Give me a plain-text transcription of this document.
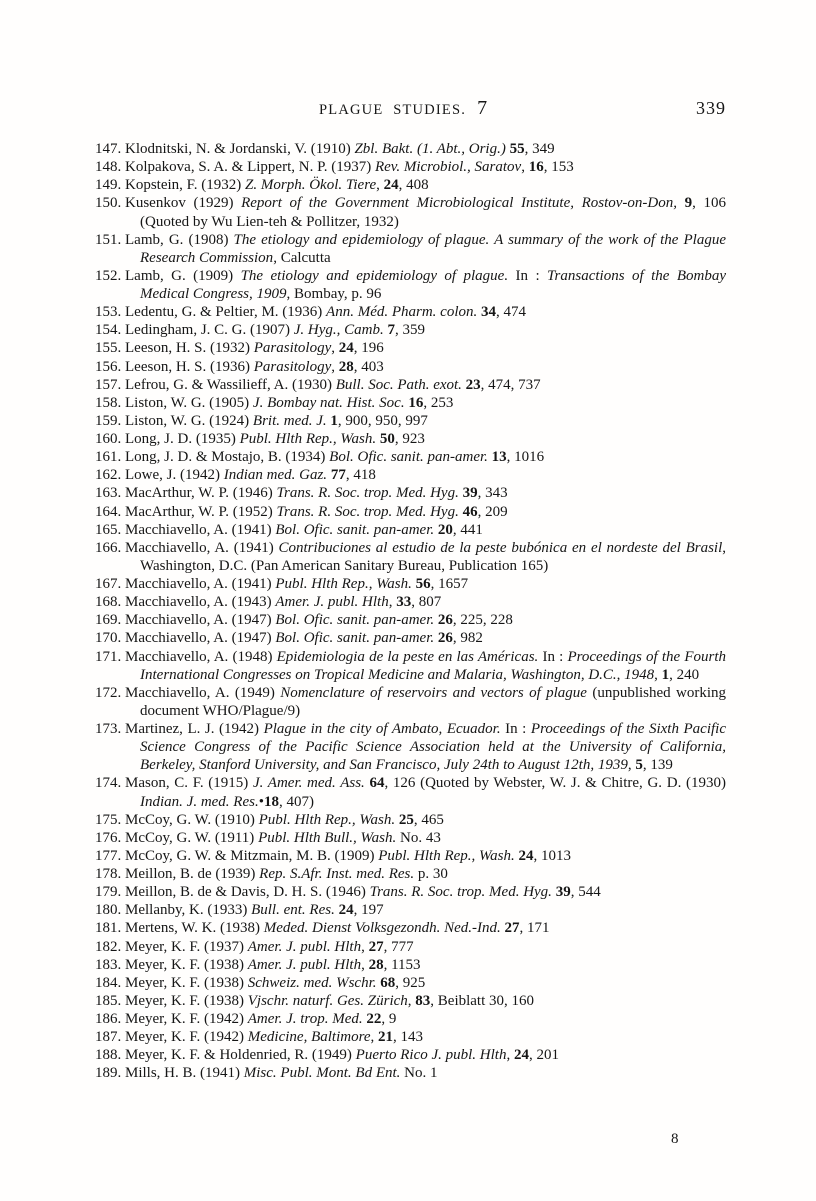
PLAGUE STUDIES. 7	339

147. Klodnitski, N. & Jordanski, V. (1910) Zbl. Bakt. (1. Abt., Orig.) 55, 349

148. Kolpakova, S. A. & Lippert, N. P. (1937) Rev. Microbiol., Saratov, 16, 153

149. Kopstein, F. (1932) Z. Morph. Ökol. Tiere, 24, 408

150. Kusenkov (1929) Report of the Government Microbiological Institute, Rostov-on-Don, 9, 106 (Quoted by Wu Lien-teh & Pollitzer, 1932)

151. Lamb, G. (1908) The etiology and epidemiology of plague. A summary of the work of the Plague Research Commission, Calcutta

152. Lamb, G. (1909) The etiology and epidemiology of plague. In : Transactions of the Bombay Medical Congress, 1909, Bombay, p. 96

153. Ledentu, G. & Peltier, M. (1936) Ann. Méd. Pharm. colon. 34, 474

154. Ledingham, J. C. G. (1907) J. Hyg., Camb. 7, 359

155. Leeson, H. S. (1932) Parasitology, 24, 196

156. Leeson, H. S. (1936) Parasitology, 28, 403

157. Lefrou, G. & Wassilieff, A. (1930) Bull. Soc. Path. exot. 23, 474, 737

158. Liston, W. G. (1905) J. Bombay nat. Hist. Soc. 16, 253

159. Liston, W. G. (1924) Brit. med. J. 1, 900, 950, 997

160. Long, J. D. (1935) Publ. Hlth Rep., Wash. 50, 923

161. Long, J. D. & Mostajo, B. (1934) Bol. Ofic. sanit. pan-amer. 13, 1016

162. Lowe, J. (1942) Indian med. Gaz. 77, 418

163. MacArthur, W. P. (1946) Trans. R. Soc. trop. Med. Hyg. 39, 343

164. MacArthur, W. P. (1952) Trans. R. Soc. trop. Med. Hyg. 46, 209

165. Macchiavello, A. (1941) Bol. Ofic. sanit. pan-amer. 20, 441

166. Macchiavello, A. (1941) Contribuciones al estudio de la peste bubónica en el nordeste del Brasil, Washington, D.C. (Pan American Sanitary Bureau, Publication 165)

167. Macchiavello, A. (1941) Publ. Hlth Rep., Wash. 56, 1657

168. Macchiavello, A. (1943) Amer. J. publ. Hlth, 33, 807

169. Macchiavello, A. (1947) Bol. Ofic. sanit. pan-amer. 26, 225, 228

170. Macchiavello, A. (1947) Bol. Ofic. sanit. pan-amer. 26, 982

171. Macchiavello, A. (1948) Epidemiologia de la peste en las Américas. In : Proceedings of the Fourth International Congresses on Tropical Medicine and Malaria, Washington, D.C., 1948, 1, 240

172. Macchiavello, A. (1949) Nomenclature of reservoirs and vectors of plague (unpublished working document WHO/Plague/9)

173. Martinez, L. J. (1942) Plague in the city of Ambato, Ecuador. In : Proceedings of the Sixth Pacific Science Congress of the Pacific Science Association held at the University of California, Berkeley, Stanford University, and San Francisco, July 24th to August 12th, 1939, 5, 139

174. Mason, C. F. (1915) J. Amer. med. Ass. 64, 126 (Quoted by Webster, W. J. & Chitre, G. D. (1930) Indian. J. med. Res.•18, 407)

175. McCoy, G. W. (1910) Publ. Hlth Rep., Wash. 25, 465

176. McCoy, G. W. (1911) Publ. Hlth Bull., Wash. No. 43

177. McCoy, G. W. & Mitzmain, M. B. (1909) Publ. Hlth Rep., Wash. 24, 1013

178. Meillon, B. de (1939) Rep. S.Afr. Inst. med. Res. p. 30

179. Meillon, B. de & Davis, D. H. S. (1946) Trans. R. Soc. trop. Med. Hyg. 39, 544

180. Mellanby, K. (1933) Bull. ent. Res. 24, 197

181. Mertens, W. K. (1938) Meded. Dienst Volksgezondh. Ned.-Ind. 27, 171

182. Meyer, K. F. (1937) Amer. J. publ. Hlth, 27, 777

183. Meyer, K. F. (1938) Amer. J. publ. Hlth, 28, 1153

184. Meyer, K. F. (1938) Schweiz. med. Wschr. 68, 925

185. Meyer, K. F. (1938) Vjschr. naturf. Ges. Zürich, 83, Beiblatt 30, 160

186. Meyer, K. F. (1942) Amer. J. trop. Med. 22, 9

187. Meyer, K. F. (1942) Medicine, Baltimore, 21, 143

188. Meyer, K. F. & Holdenried, R. (1949) Puerto Rico J. publ. Hlth, 24, 201

189. Mills, H. B. (1941) Misc. Publ. Mont. Bd Ent. No. 1

8
